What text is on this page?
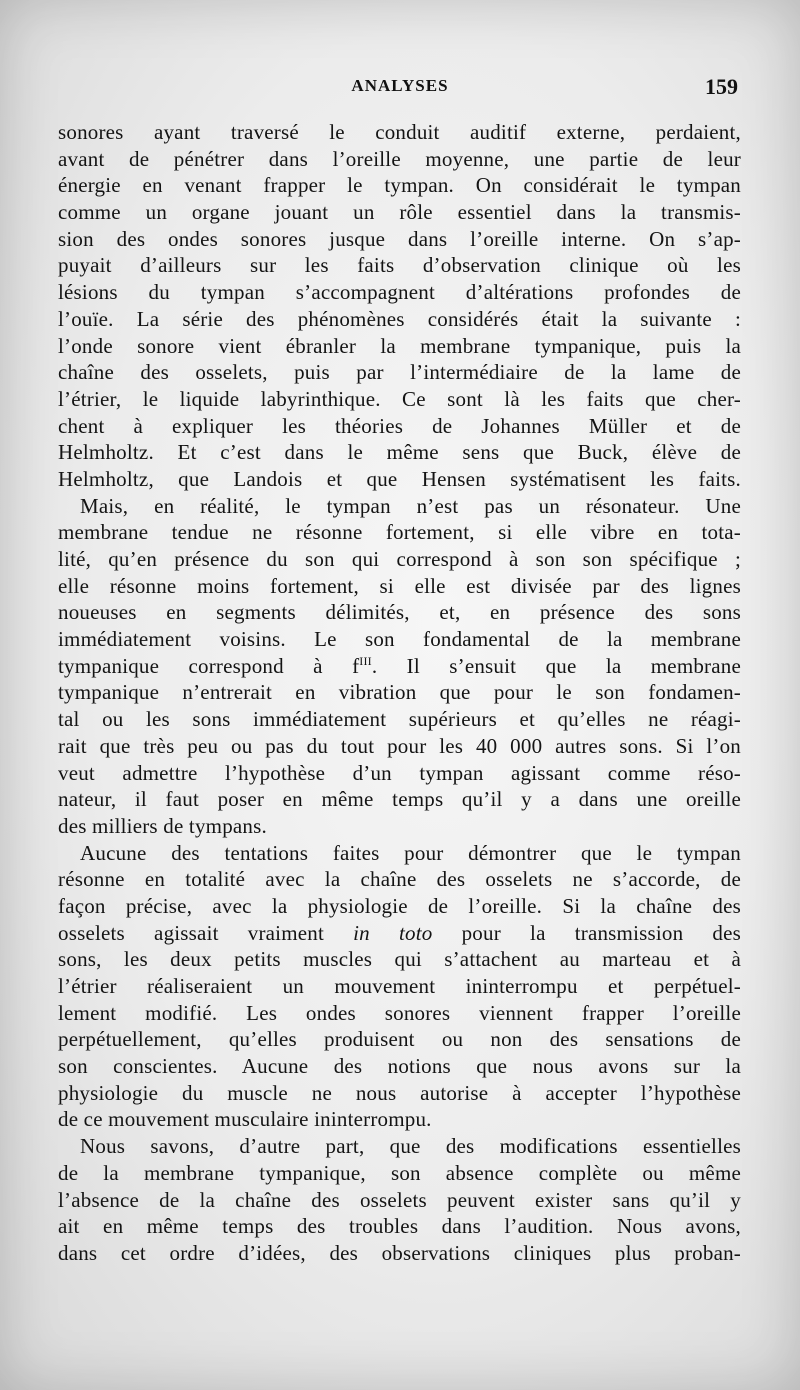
ANALYSES	159
sonores ayant traversé le conduit auditif externe, perdaient,
avant de pénétrer dans l’oreille moyenne, une partie de leur
énergie en venant frapper le tympan. On considérait le tympan
comme un organe jouant un rôle essentiel dans la transmis-
sion des ondes sonores jusque dans l’oreille interne. On s’ap-
puyait d’ailleurs sur les faits d’observation clinique où les
lésions du tympan s’accompagnent d’altérations profondes de
l’ouïe. La série des phénomènes considérés était la suivante :
l’onde sonore vient ébranler la membrane tympanique, puis la
chaîne des osselets, puis par l’intermédiaire de la lame de
l’étrier, le liquide labyrinthique. Ce sont là les faits que cher-
chent à expliquer les théories de Johannes Müller et de
Helmholtz. Et c’est dans le même sens que Buck, élève de
Helmholtz, que Landois et que Hensen systématisent les faits.
Mais, en réalité, le tympan n’est pas un résonateur. Une
membrane tendue ne résonne fortement, si elle vibre en tota-
lité, qu’en présence du son qui correspond à son son spécifique ;
elle résonne moins fortement, si elle est divisée par des lignes
noueuses en segments délimités, et, en présence des sons
immédiatement voisins. Le son fondamental de la membrane
tympanique correspond à $f^{III}$. Il s’ensuit que la membrane
tympanique n’entrerait en vibration que pour le son fondamen-
tal ou les sons immédiatement supérieurs et qu’elles ne réagi-
rait que très peu ou pas du tout pour les 40 000 autres sons. Si l’on
veut admettre l’hypothèse d’un tympan agissant comme réso-
nateur, il faut poser en même temps qu’il y a dans une oreille
des milliers de tympans.
Aucune des tentations faites pour démontrer que le tympan
résonne en totalité avec la chaîne des osselets ne s’accorde, de
façon précise, avec la physiologie de l’oreille. Si la chaîne des
osselets agissait vraiment in toto pour la transmission des
sons, les deux petits muscles qui s’attachent au marteau et à
l’étrier réaliseraient un mouvement ininterrompu et perpétuel-
lement modifié. Les ondes sonores viennent frapper l’oreille
perpétuellement, qu’elles produisent ou non des sensations de
son conscientes. Aucune des notions que nous avons sur la
physiologie du muscle ne nous autorise à accepter l’hypothèse
de ce mouvement musculaire ininterrompu.
Nous savons, d’autre part, que des modifications essentielles
de la membrane tympanique, son absence complète ou même
l’absence de la chaîne des osselets peuvent exister sans qu’il y
ait en même temps des troubles dans l’audition. Nous avons,
dans cet ordre d’idées, des observations cliniques plus proban-
